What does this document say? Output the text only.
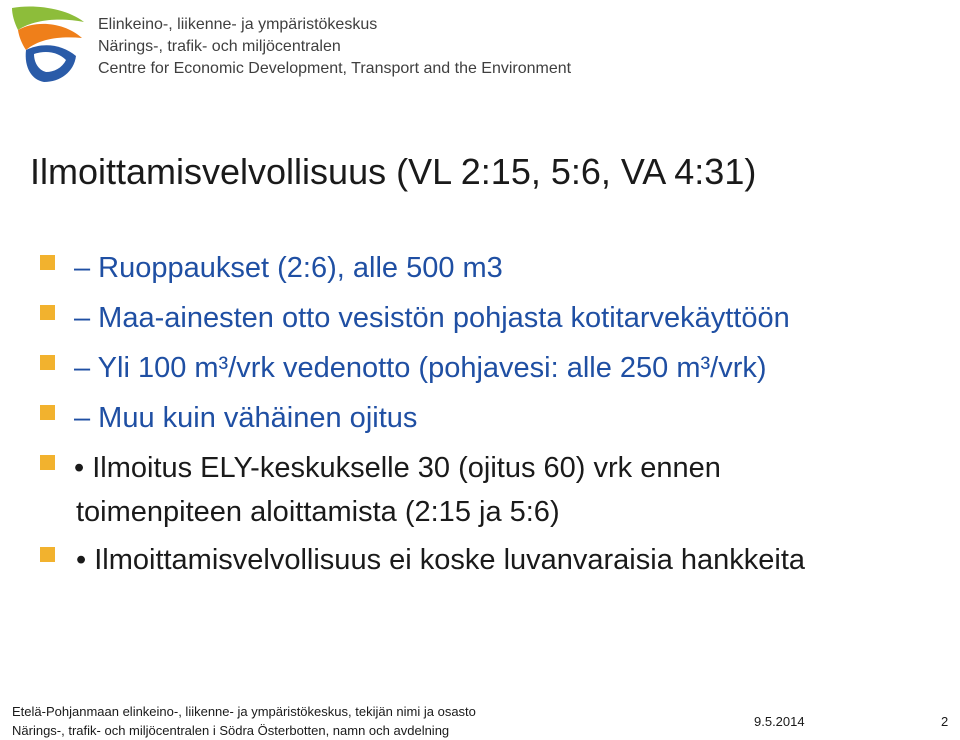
Elinkeino-, liikenne- ja ympäristökeskus
Närings-, trafik- och miljöcentralen
Centre for Economic Development, Transport and the Environment
Ilmoittamisvelvollisuus (VL 2:15, 5:6, VA 4:31)
– Ruoppaukset (2:6), alle 500 m3
– Maa-ainesten otto vesistön pohjasta kotitarvekäyttöön
– Yli 100 m³/vrk vedenotto (pohjavesi: alle 250 m³/vrk)
– Muu kuin vähäinen ojitus
• Ilmoitus ELY-keskukselle 30 (ojitus 60) vrk ennen
toimenpiteen aloittamista (2:15 ja 5:6)
• Ilmoittamisvelvollisuus ei koske luvanvaraisia hankkeita
Etelä-Pohjanmaan elinkeino-, liikenne- ja ympäristökeskus, tekijän nimi ja osasto
Närings-, trafik- och miljöcentralen i Södra Österbotten, namn och avdelning
9.5.2014	2
